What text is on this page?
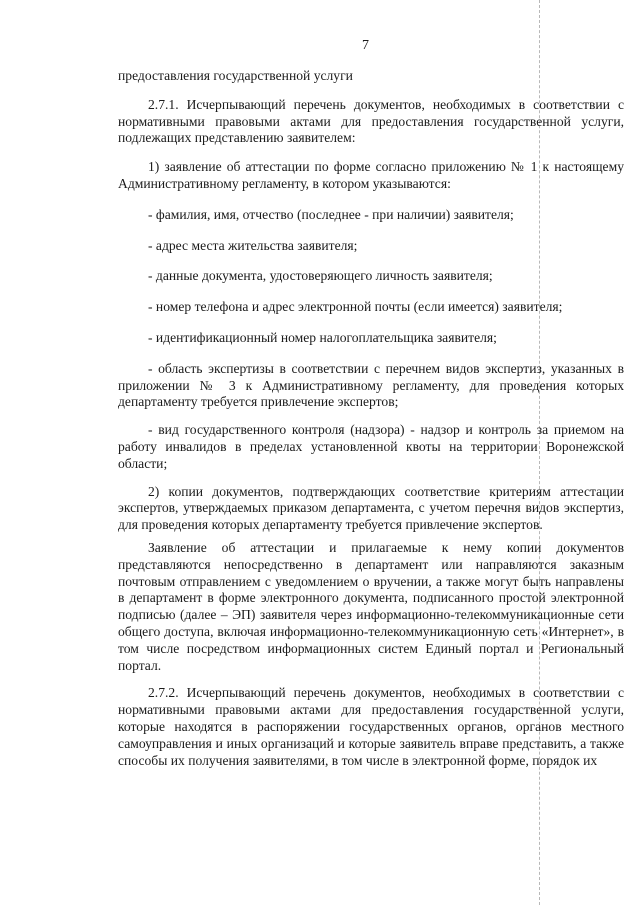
7

предоставления государственной услуги

2.7.1. Исчерпывающий перечень документов, необходимых в соответствии с нормативными правовыми актами для предоставления государственной услуги, подлежащих представлению заявителем:

1) заявление об аттестации по форме согласно приложению № 1 к настоящему Административному регламенту, в котором указываются:

- фамилия, имя, отчество (последнее - при наличии) заявителя;

- адрес места жительства заявителя;

- данные документа, удостоверяющего личность заявителя;

- номер телефона и адрес электронной почты (если имеется) заявителя;

- идентификационный номер налогоплательщика заявителя;

- область экспертизы в соответствии с перечнем видов экспертиз, указанных в приложении № 3 к Административному регламенту, для проведения которых департаменту требуется привлечение экспертов;

- вид государственного контроля (надзора) - надзор и контроль за приемом на работу инвалидов в пределах установленной квоты на территории Воронежской области;

2) копии документов, подтверждающих соответствие критериям аттестации экспертов, утверждаемых приказом департамента, с учетом перечня видов экспертиз, для проведения которых департаменту требуется привлечение экспертов.

Заявление об аттестации и прилагаемые к нему копии документов представляются непосредственно в департамент или направляются заказным почтовым отправлением с уведомлением о вручении, а также могут быть направлены в департамент в форме электронного документа, подписанного простой электронной подписью (далее – ЭП) заявителя через информационно-телекоммуникационные сети общего доступа, включая информационно-телекоммуникационную сеть «Интернет», в том числе посредством информационных систем Единый портал и Региональный портал.

2.7.2. Исчерпывающий перечень документов, необходимых в соответствии с нормативными правовыми актами для предоставления государственной услуги, которые находятся в распоряжении государственных органов, органов местного самоуправления и иных организаций и которые заявитель вправе представить, а также способы их получения заявителями, в том числе в электронной форме, порядок их
